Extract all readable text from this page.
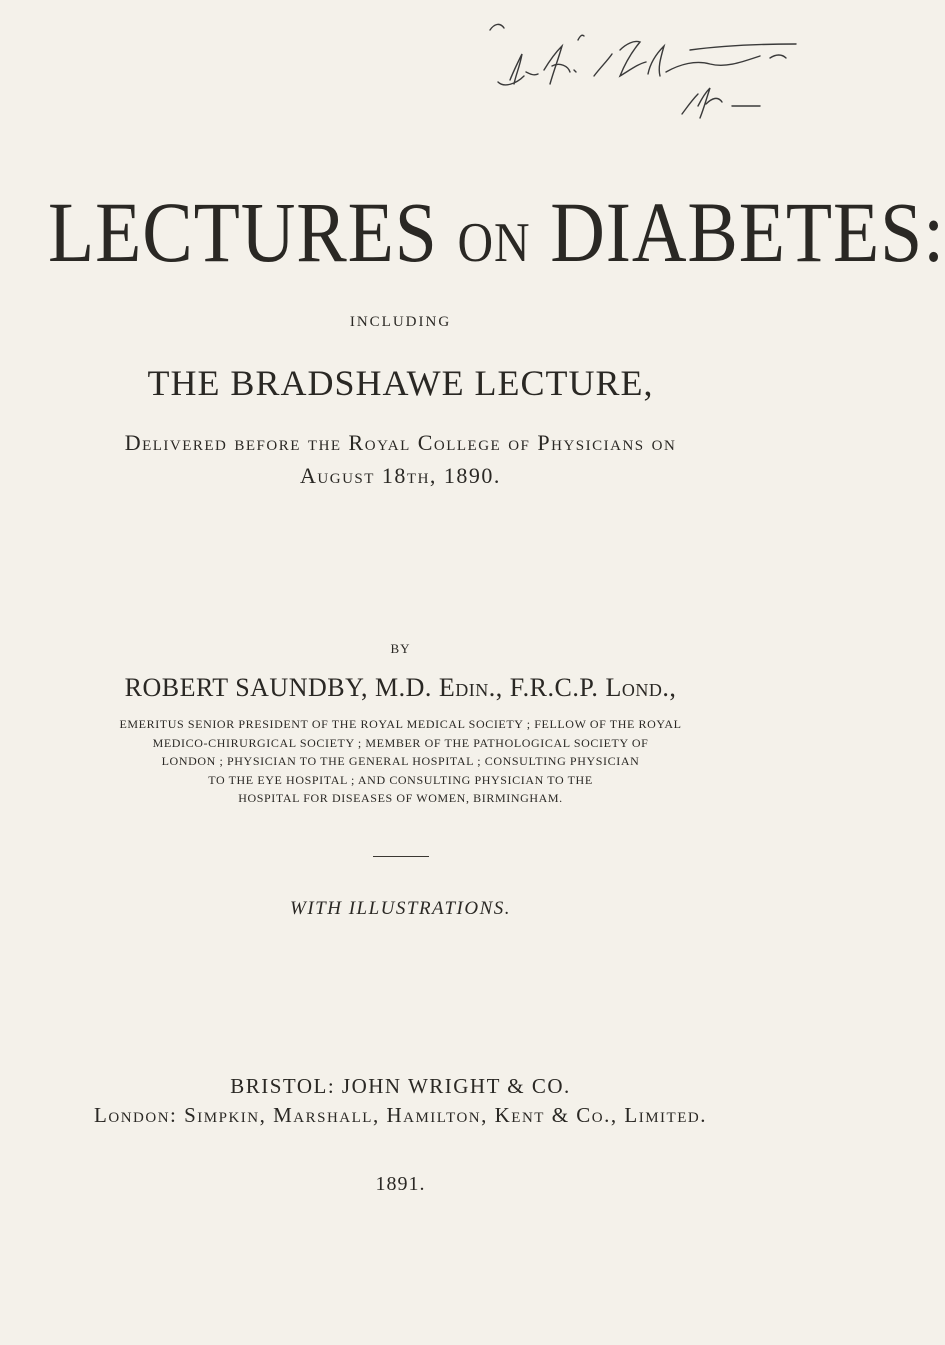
LECTURES ON DIABETES:
INCLUDING
THE BRADSHAWE LECTURE,
Delivered before the Royal College of Physicians on
August 18th, 1890.
BY
ROBERT SAUNDBY, M.D. Edin., F.R.C.P. Lond.,
EMERITUS SENIOR PRESIDENT OF THE ROYAL MEDICAL SOCIETY ; FELLOW OF THE ROYAL
MEDICO-CHIRURGICAL SOCIETY ; MEMBER OF THE PATHOLOGICAL SOCIETY OF
LONDON ; PHYSICIAN TO THE GENERAL HOSPITAL ; CONSULTING PHYSICIAN
TO THE EYE HOSPITAL ; AND CONSULTING PHYSICIAN TO THE
HOSPITAL FOR DISEASES OF WOMEN, BIRMINGHAM.
WITH ILLUSTRATIONS.
BRISTOL: JOHN WRIGHT & CO.
London: Simpkin, Marshall, Hamilton, Kent & Co., Limited.
1891.
